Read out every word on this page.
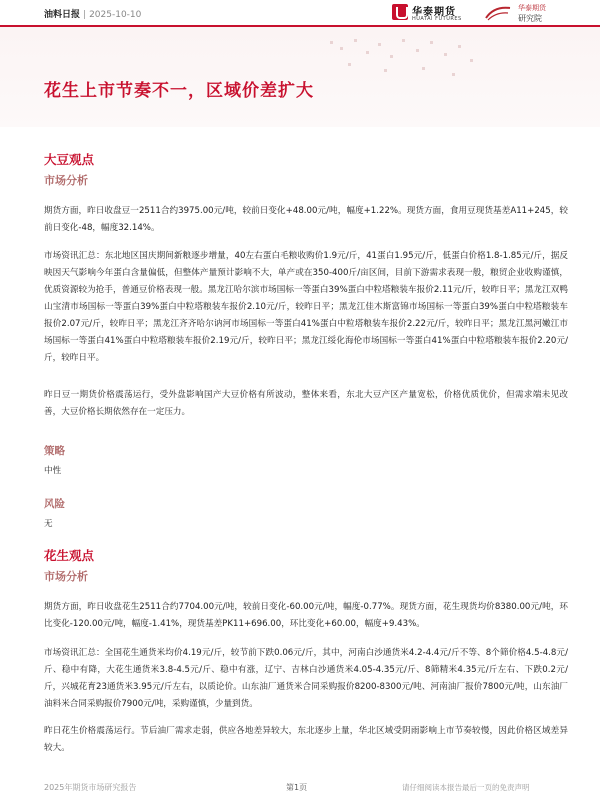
油料日报 | 2025-10-10	华泰期货
HUATAI FUTURES
华泰期货
研究院
花生上市节奏不一，区域价差扩大
大豆观点
市场分析
期货方面，昨日收盘豆一2511合约3975.00元/吨，较前日变化+48.00元/吨，幅度+1.22%。现货方面，食用豆现货基差A11+245，较前日变化-48，幅度32.14%。
市场资讯汇总：东北地区国庆期间新粮逐步增量，40左右蛋白毛粮收购价1.9元/斤，41蛋白1.95元/斤，低蛋白价格1.8-1.85元/斤，据反映因天气影响今年蛋白含量偏低，但整体产量预计影响不大，单产或在350-400斤/亩区间，目前下游需求表现一般，粮贸企业收购谨慎，优质资源较为抢手，普通豆价格表现一般。黑龙江哈尔滨市场国标一等蛋白39%蛋白中粒塔粮装车报价2.11元/斤，较昨日平；黑龙江双鸭山宝清市场国标一等蛋白39%蛋白中粒塔粮装车报价2.10元/斤，较昨日平；黑龙江佳木斯富锦市场国标一等蛋白39%蛋白中粒塔粮装车报价2.07元/斤，较昨日平；黑龙江齐齐哈尔讷河市场国标一等蛋白41%蛋白中粒塔粮装车报价2.22元/斤，较昨日平；黑龙江黑河嫩江市场国标一等蛋白41%蛋白中粒塔粮装车报价2.19元/斤，较昨日平；黑龙江绥化海伦市场国标一等蛋白41%蛋白中粒塔粮装车报价2.20元/斤，较昨日平。
昨日豆一期货价格震荡运行，受外盘影响国产大豆价格有所波动，整体来看，东北大豆产区产量宽松，价格优质优价，但需求端未见改善，大豆价格长期依然存在一定压力。
策略
中性
风险
无
花生观点
市场分析
期货方面，昨日收盘花生2511合约7704.00元/吨，较前日变化-60.00元/吨，幅度-0.77%。现货方面，花生现货均价8380.00元/吨，环比变化-120.00元/吨，幅度-1.41%，现货基差PK11+696.00，环比变化+60.00，幅度+9.43%。
市场资讯汇总：全国花生通货米均价4.19元/斤，较节前下跌0.06元/斤，其中，河南白沙通货米4.2-4.4元/斤不等、8个筛价格4.5-4.8元/斤、稳中有降，大花生通货米3.8-4.5元/斤、稳中有涨，辽宁、吉林白沙通货米4.05-4.35元/斤、8筛精米4.35元/斤左右、下跌0.2元/斤，兴城花育23通货米3.95元/斤左右，以质论价。山东油厂通货米合同采购报价8200-8300元/吨、河南油厂报价7800元/吨，山东油厂油料米合同采购报价7900元/吨，采购谨慎，少量到货。
昨日花生价格震荡运行。节后油厂需求走弱，供应各地差异较大，东北逐步上量，华北区域受阴雨影响上市节奏较慢，因此价格区域差异较大。
2025年期货市场研究报告	第1页	请仔细阅读本报告最后一页的免责声明
